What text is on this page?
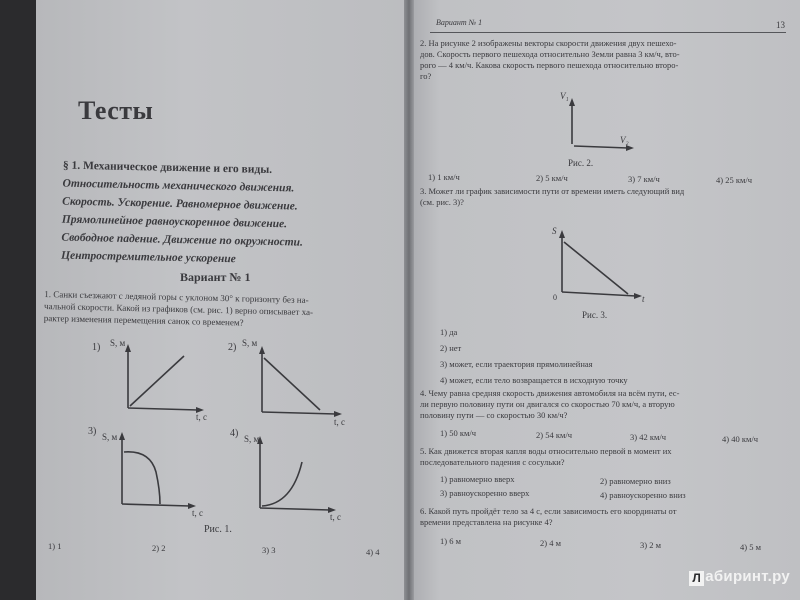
Тесты
§ 1. Механическое движение и его виды.
Относительность механического движения.
Скорость. Ускорение. Равномерное движение.
Прямолинейное равноускоренное движение.
Свободное падение. Движение по окружности.
Центростремительное ускорение
Вариант № 1
1. Санки съезжают с ледяной горы с уклоном 30° к горизонту без на-
чальной скорости. Какой из графиков (см. рис. 1) верно описывает ха-
рактер изменения перемещения санок со временем?
1) S, м
t, c
2) S, м
t, c
3) S, м
t, c
4) S, м
t, c
Рис. 1.
V₁
V₂
Рис. 2.
S
t
0
Рис. 3.
1) 1	2) 2	3) 3	4) 4
Вариант № 1	13
2. На рисунке 2 изображены векторы скорости движения двух пешехо-
дов. Скорость первого пешехода относительно Земли равна 3 км/ч, вто-
рого — 4 км/ч. Какова скорость первого пешехода относительно второ-
го?
1) 1 км/ч	2) 5 км/ч	3) 7 км/ч	4) 25 км/ч
3. Может ли график зависимости пути от времени иметь следующий вид
(см. рис. 3)?
1) да
2) нет
3) может, если траектория прямолинейная
4) может, если тело возвращается в исходную точку
4. Чему равна средняя скорость движения автомобиля на всём пути, ес-
ли первую половину пути он двигался со скоростью 70 км/ч, а вторую
половину пути — со скоростью 30 км/ч?
1) 50 км/ч	2) 54 км/ч	3) 42 км/ч	4) 40 км/ч
5. Как движется вторая капля воды относительно первой в момент их
последовательного падения с сосульки?
1) равномерно вверх	2) равномерно вниз
3) равноускоренно вверх	4) равноускоренно вниз
6. Какой путь пройдёт тело за 4 с, если зависимость его координаты от
времени представлена на рисунке 4?
1) 6 м	2) 4 м	3) 2 м	4) 5 м
Л абиринт.ру
